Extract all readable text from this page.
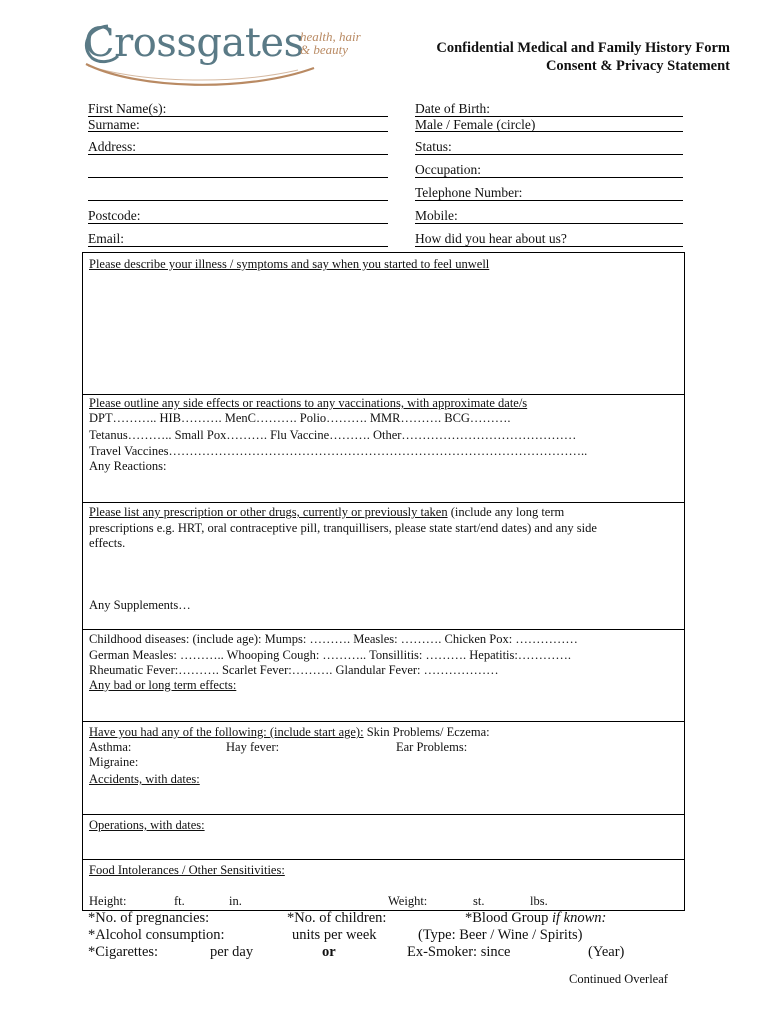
Crossgates
health, hair
& beauty	Confidential Medical and Family History Form
Consent & Privacy Statement
First Name(s):
Surname:
Address:
Postcode:
Email:
Date of Birth:
Male / Female (circle)
Status:
Occupation:
Telephone Number:
Mobile:
How did you hear about us?
Please describe your illness / symptoms and say when you started to feel unwell
Please outline any side effects or reactions to any vaccinations, with approximate date/s
DPT……….. HIB………. MenC………. Polio………. MMR………. BCG……….
Tetanus……….. Small Pox………. Flu Vaccine………. Other……………………………………
Travel Vaccines………………………………………………………………………………………..
Any Reactions:
Please list any prescription or other drugs, currently or previously taken (include any long term
prescriptions e.g. HRT, oral contraceptive pill, tranquillisers, please state start/end dates) and any side
effects.
Any Supplements…
Childhood diseases: (include age): Mumps: ………. Measles: ………. Chicken Pox: ……………
German Measles: ……….. Whooping Cough: ……….. Tonsillitis: ………. Hepatitis:………….
Rheumatic Fever:………. Scarlet Fever:………. Glandular Fever: ………………
Any bad or long term effects:
Have you had any of the following: (include start age): Skin Problems/ Eczema:
Asthma:	Hay fever:	Ear Problems:
Migraine:
Accidents, with dates:
Operations, with dates:
Food Intolerances / Other Sensitivities:
Height:	ft.	in.	Weight:	st.	lbs.
*No. of pregnancies:	*No. of children:	*Blood Group if known:
*Alcohol consumption:	units per week	(Type: Beer / Wine / Spirits)
*Cigarettes:	per day	or	Ex-Smoker: since	(Year)
Continued Overleaf
